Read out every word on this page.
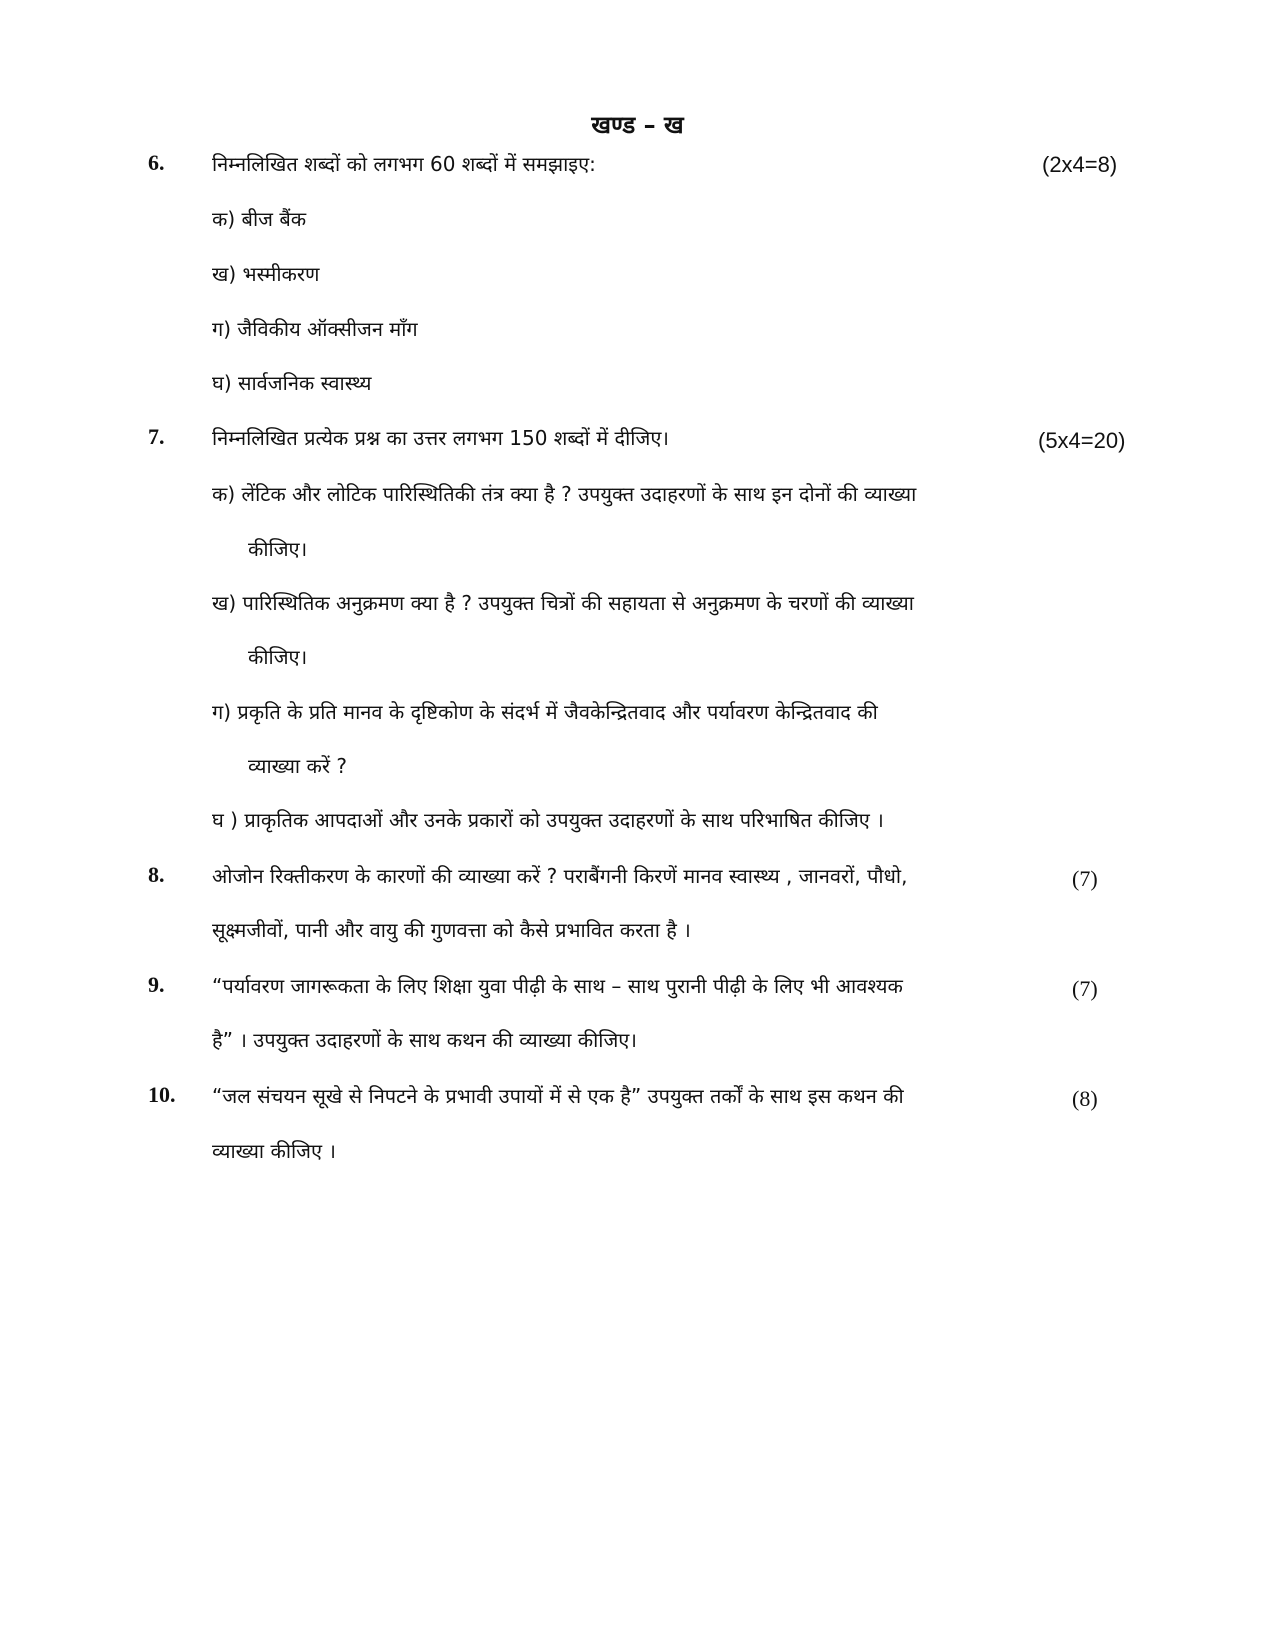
खण्ड – ख
6. निम्नलिखित शब्दों को लगभग 60 शब्दों में समझाइए:	(2x4=8)
क) बीज बैंक
ख) भस्मीकरण
ग) जैविकीय ऑक्सीजन माँग
घ) सार्वजनिक स्वास्थ्य
7. निम्नलिखित प्रत्येक प्रश्न का उत्तर लगभग 150 शब्दों में दीजिए।	(5x4=20)
क) लेंटिक और लोटिक पारिस्थितिकी तंत्र क्या है ? उपयुक्त उदाहरणों के साथ इन दोनों की व्याख्या
कीजिए।
ख) पारिस्थितिक अनुक्रमण क्या है ? उपयुक्त चित्रों की सहायता से अनुक्रमण के चरणों की व्याख्या
कीजिए।
ग) प्रकृति के प्रति मानव के दृष्टिकोण के संदर्भ में जैवकेन्द्रितवाद और पर्यावरण केन्द्रितवाद की
व्याख्या करें ?
घ ) प्राकृतिक आपदाओं और उनके प्रकारों को उपयुक्त उदाहरणों के साथ परिभाषित कीजिए ।
8. ओजोन रिक्तीकरण के कारणों की व्याख्या करें ? पराबैंगनी किरणें मानव स्वास्थ्य , जानवरों, पौधो,
सूक्ष्मजीवों, पानी और वायु की गुणवत्ता को कैसे प्रभावित करता है ।
(7)
9. “पर्यावरण जागरूकता के लिए शिक्षा युवा पीढ़ी के साथ – साथ पुरानी पीढ़ी के लिए भी आवश्यक
है” । उपयुक्त उदाहरणों के साथ कथन की व्याख्या कीजिए।
(7)
10. “जल संचयन सूखे से निपटने के प्रभावी उपायों में से एक है” उपयुक्त तर्कों के साथ इस कथन की
व्याख्या कीजिए ।
(8)
